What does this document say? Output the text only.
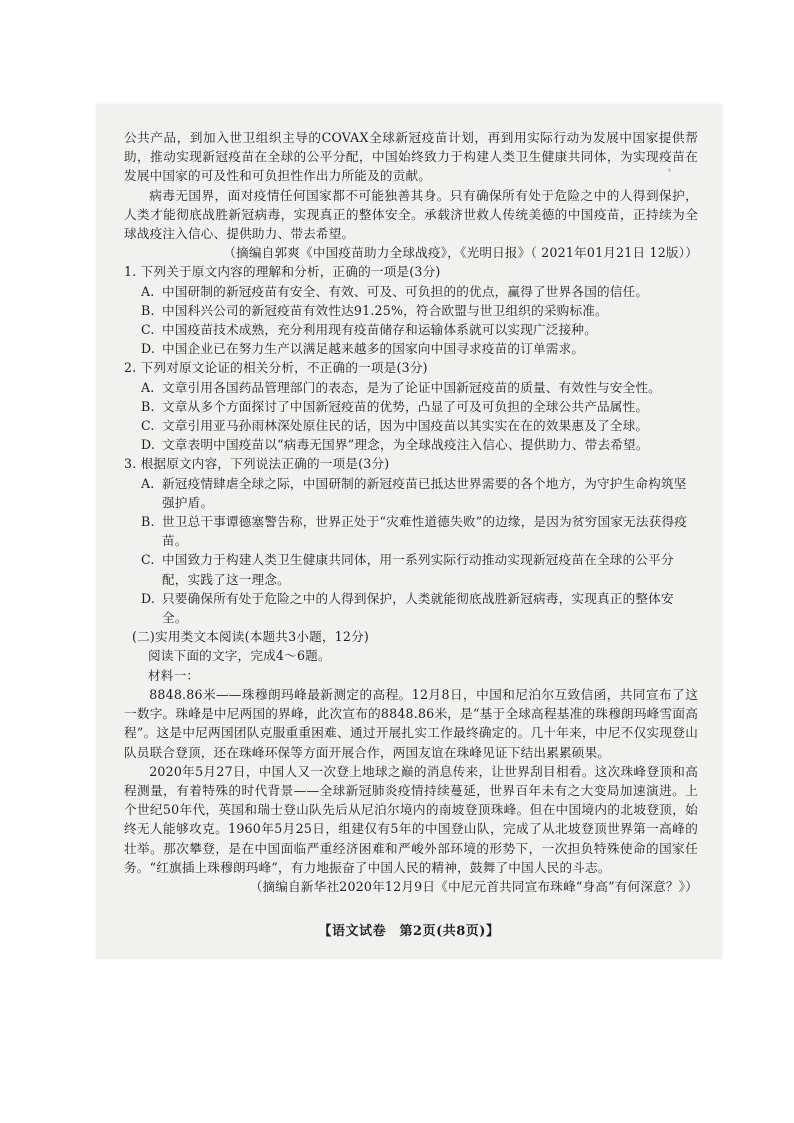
ˢ

公共产品，到加入世卫组织主导的COVAX全球新冠疫苗计划，再到用实际行动为发展中国家提供帮助，推动实现新冠疫苗在全球的公平分配，中国始终致力于构建人类卫生健康共同体，为实现疫苗在发展中国家的可及性和可负担性作出力所能及的贡献。

病毒无国界，面对疫情任何国家都不可能独善其身。只有确保所有处于危险之中的人得到保护，人类才能彻底战胜新冠病毒，实现真正的整体安全。承载济世救人传统美德的中国疫苗，正持续为全球战疫注入信心、提供助力、带去希望。

（摘编自郭爽《中国疫苗助力全球战疫》，《光明日报》（ 2021年01月21日 12版））

1. 下列关于原文内容的理解和分析，正确的一项是(3分)

A. 中国研制的新冠疫苗有安全、有效、可及、可负担的的优点，赢得了世界各国的信任。

B. 中国科兴公司的新冠疫苗有效性达91.25%，符合欧盟与世卫组织的采购标准。

C. 中国疫苗技术成熟，充分利用现有疫苗储存和运输体系就可以实现广泛接种。

D. 中国企业已在努力生产以满足越来越多的国家向中国寻求疫苗的订单需求。

2. 下列对原文论证的相关分析，不正确的一项是(3分)

A. 文章引用各国药品管理部门的表态，是为了论证中国新冠疫苗的质量、有效性与安全性。

B. 文章从多个方面探讨了中国新冠疫苗的优势，凸显了可及可负担的全球公共产品属性。

C. 文章引用亚马孙雨林深处原住民的话，因为中国疫苗以其实实在在的效果惠及了全球。

D. 文章表明中国疫苗以“病毒无国界”理念，为全球战疫注入信心、提供助力、带去希望。

3. 根据原文内容，下列说法正确的一项是(3分)

A. 新冠疫情肆虐全球之际，中国研制的新冠疫苗已抵达世界需要的各个地方，为守护生命构筑坚强护盾。

B. 世卫总干事谭德塞警告称，世界正处于“灾难性道德失败”的边缘，是因为贫穷国家无法获得疫苗。

C. 中国致力于构建人类卫生健康共同体，用一系列实际行动推动实现新冠疫苗在全球的公平分配，实践了这一理念。

D. 只要确保所有处于危险之中的人得到保护，人类就能彻底战胜新冠病毒，实现真正的整体安全。

(二)实用类文本阅读(本题共3小题，12分)

阅读下面的文字，完成4～6题。

材料一：

8848.86米——珠穆朗玛峰最新测定的高程。12月8日，中国和尼泊尔互致信函，共同宣布了这一数字。珠峰是中尼两国的界峰，此次宣布的8848.86米，是“基于全球高程基准的珠穆朗玛峰雪面高程”。这是中尼两国团队克服重重困难、通过开展扎实工作最终确定的。几十年来，中尼不仅实现登山队员联合登顶，还在珠峰环保等方面开展合作，两国友谊在珠峰见证下结出累累硕果。

2020年5月27日，中国人又一次登上地球之巅的消息传来，让世界刮目相看。这次珠峰登顶和高程测量，有着特殊的时代背景——全球新冠肺炎疫情持续蔓延，世界百年未有之大变局加速演进。上个世纪50年代，英国和瑞士登山队先后从尼泊尔境内的南坡登顶珠峰。但在中国境内的北坡登顶，始终无人能够攻克。1960年5月25日，组建仅有5年的中国登山队，完成了从北坡登顶世界第一高峰的壮举。那次攀登，是在中国面临严重经济困难和严峻外部环境的形势下，一次担负特殊使命的国家任务。“红旗插上珠穆朗玛峰”，有力地振奋了中国人民的精神，鼓舞了中国人民的斗志。

（摘编自新华社2020年12月9日《中尼元首共同宣布珠峰“身高”有何深意？》）

【语文试卷　第2页(共8页)】
